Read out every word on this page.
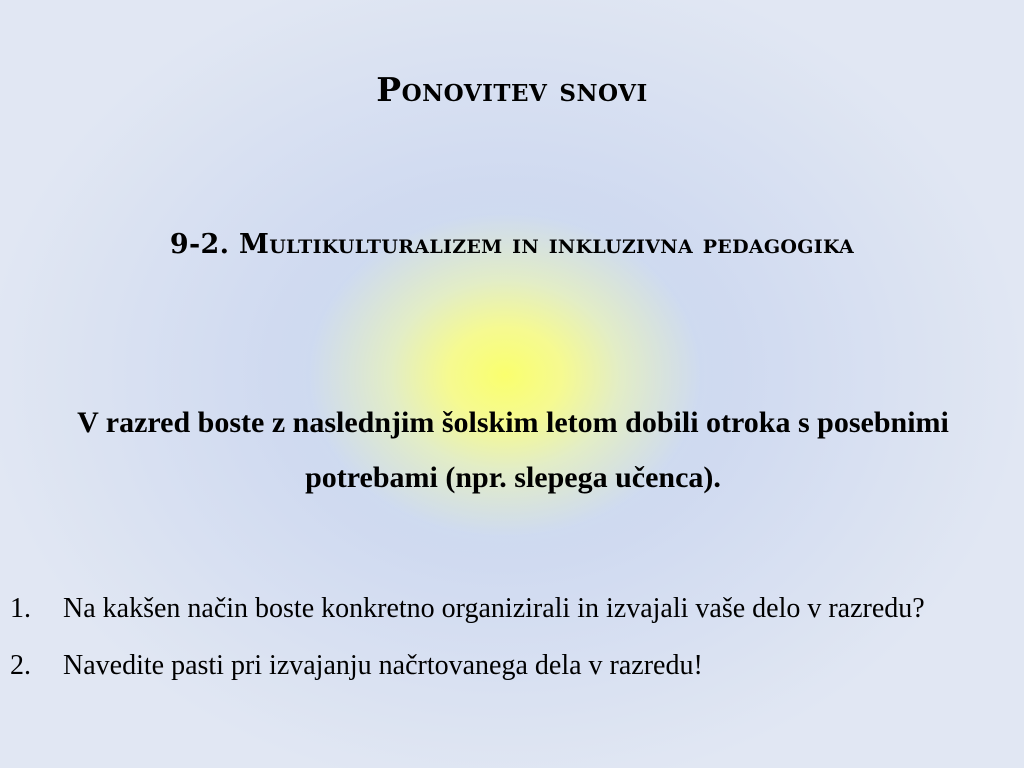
Ponovitev snovi
9-2. Multikulturalizem in inkluzivna pedagogika
V razred boste z naslednjim šolskim letom dobili otroka s posebnimi potrebami (npr. slepega učenca).
1. Na kakšen način boste konkretno organizirali in izvajali vaše delo v razredu?
2. Navedite pasti pri izvajanju načrtovanega dela v razredu!
